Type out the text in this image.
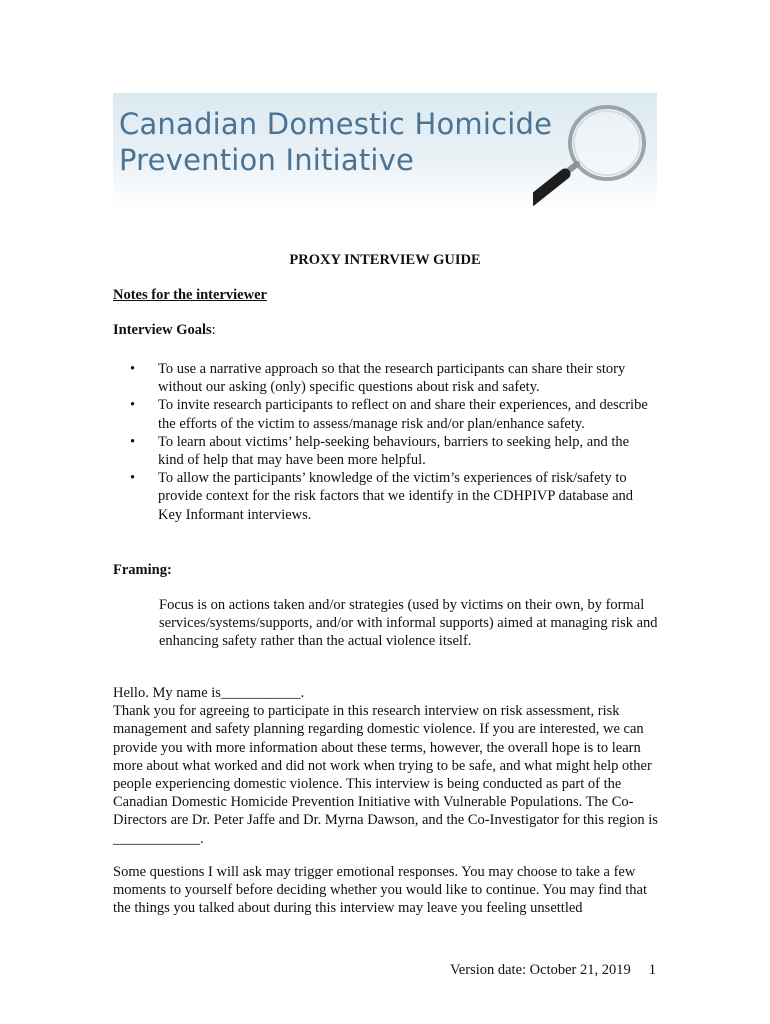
Canadian Domestic Homicide
Prevention Initiative
PROXY INTERVIEW GUIDE
Notes for the interviewer
Interview Goals:
• To use a narrative approach so that the research participants can share their story without our asking (only) specific questions about risk and safety.
• To invite research participants to reflect on and share their experiences, and describe the efforts of the victim to assess/manage risk and/or plan/enhance safety.
• To learn about victims’ help-seeking behaviours, barriers to seeking help, and the kind of help that may have been more helpful.
• To allow the participants’ knowledge of the victim’s experiences of risk/safety to provide context for the risk factors that we identify in the CDHPIVP database and Key Informant interviews.
Framing:
Focus is on actions taken and/or strategies (used by victims on their own, by formal services/systems/supports, and/or with informal supports) aimed at managing risk and enhancing safety rather than the actual violence itself.
Hello. My name is___________.
Thank you for agreeing to participate in this research interview on risk assessment, risk management and safety planning regarding domestic violence. If you are interested, we can provide you with more information about these terms, however, the overall hope is to learn more about what worked and did not work when trying to be safe, and what might help other people experiencing domestic violence. This interview is being conducted as part of the Canadian Domestic Homicide Prevention Initiative with Vulnerable Populations. The Co-Directors are Dr. Peter Jaffe and Dr. Myrna Dawson, and the Co-Investigator for this region is ____________.
Some questions I will ask may trigger emotional responses. You may choose to take a few moments to yourself before deciding whether you would like to continue. You may find that the things you talked about during this interview may leave you feeling unsettled
Version date: October 21, 2019 1
